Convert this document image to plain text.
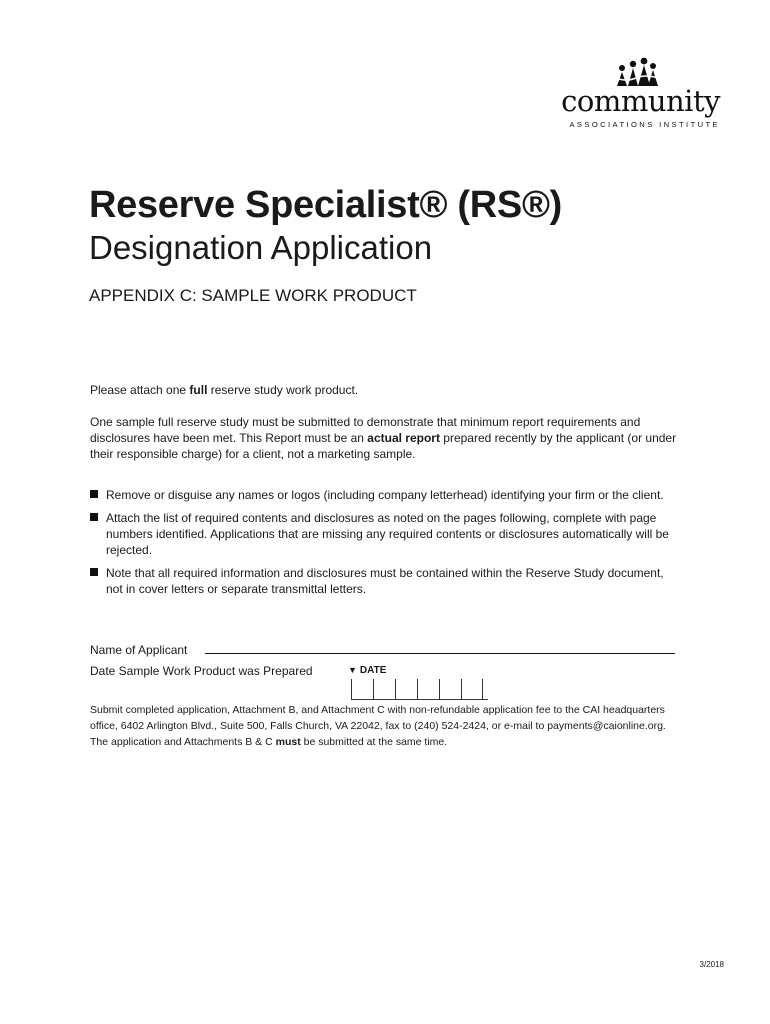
community
ASSOCIATIONS INSTITUTE
Reserve Specialist® (RS®)
Designation Application
APPENDIX C: SAMPLE WORK PRODUCT

Please attach one full reserve study work product.

One sample full reserve study must be submitted to demonstrate that minimum report requirements and disclosures have been met. This Report must be an actual report prepared recently by the applicant (or under their responsible charge) for a client, not a marketing sample.

Remove or disguise any names or logos (including company letterhead) identifying your firm or the client.
Attach the list of required contents and disclosures as noted on the pages following, complete with page numbers identified. Applications that are missing any required contents or disclosures automatically will be rejected.
Note that all required information and disclosures must be contained within the Reserve Study document, not in cover letters or separate transmittal letters.
Name of Applicant
Date Sample Work Product was Prepared	▼ DATE

Submit completed application, Attachment B, and Attachment C with non-refundable application fee to the CAI headquarters office, 6402 Arlington Blvd., Suite 500, Falls Church, VA 22042, fax to (240) 524-2424, or e-mail to payments@caionline.org. The application and Attachments B & C must be submitted at the same time.

3/2018
